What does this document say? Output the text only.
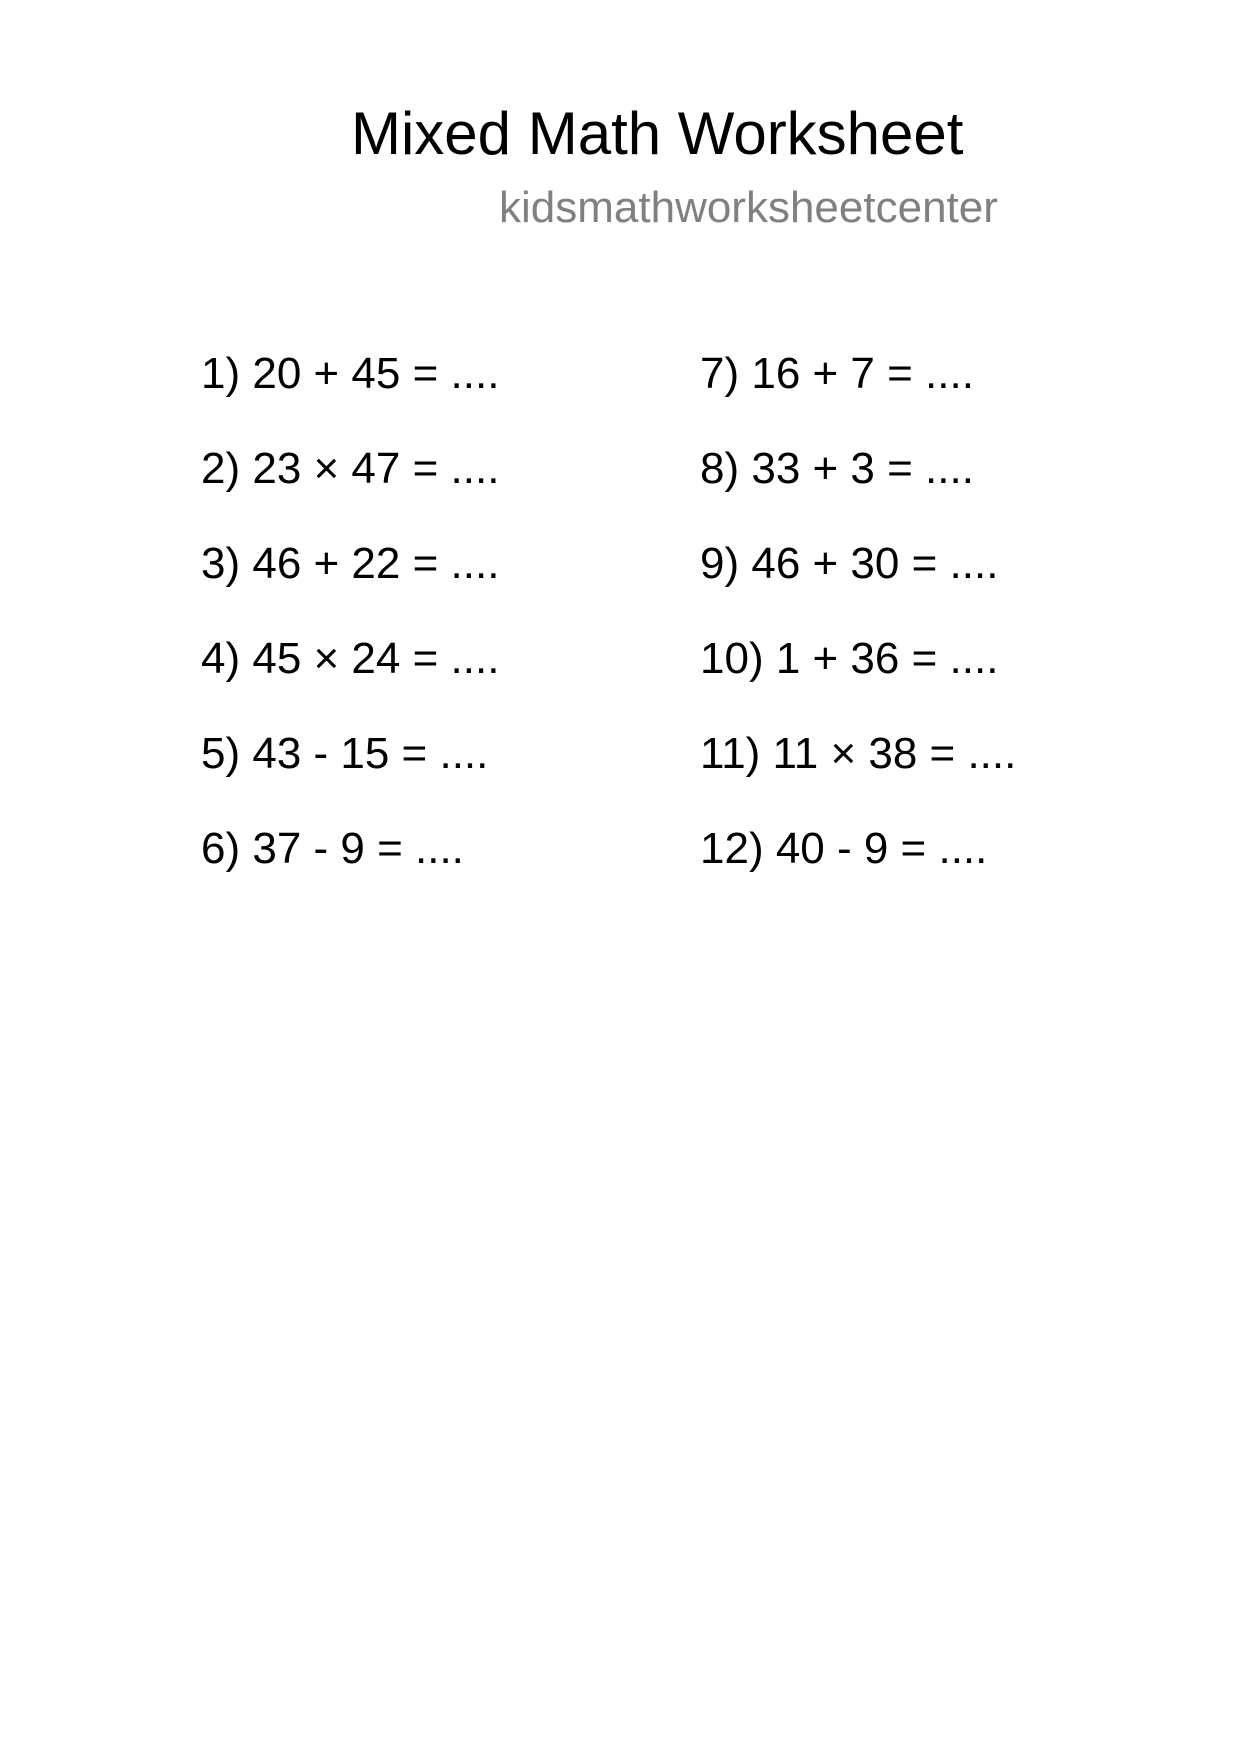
Mixed Math Worksheet
kidsmathworksheetcenter
1) 20 + 45 = ....
2) 23 × 47 = ....
3) 46 + 22 = ....
4) 45 × 24 = ....
5) 43 - 15 = ....
6) 37 - 9 = ....
7) 16 + 7 = ....
8) 33 + 3 = ....
9) 46 + 30 = ....
10) 1 + 36 = ....
11) 11 × 38 = ....
12) 40 - 9 = ....
